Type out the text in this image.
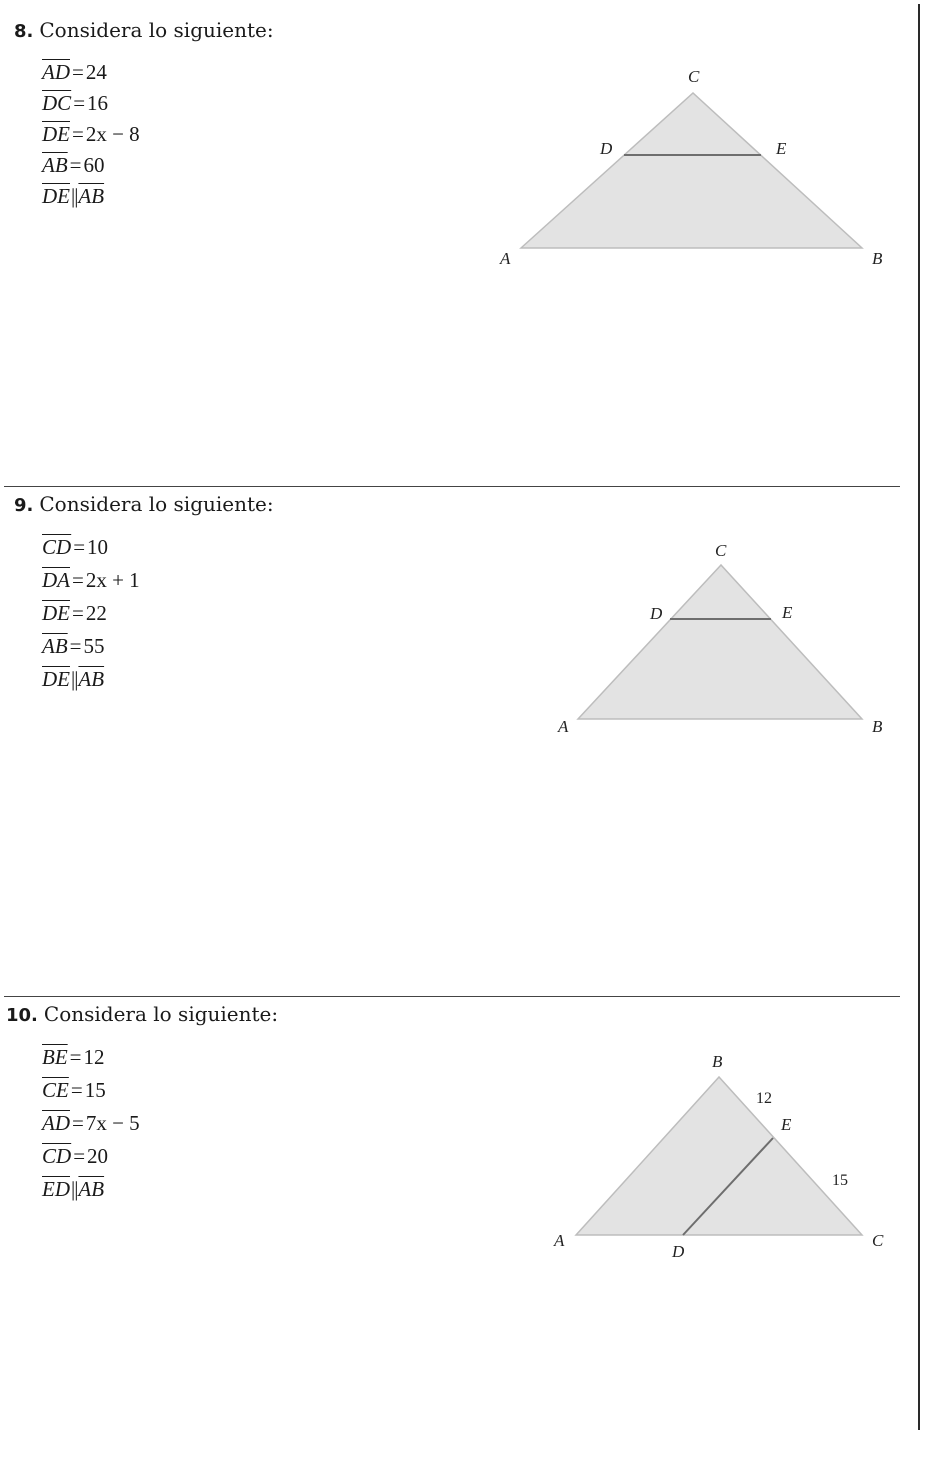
8. Considera lo siguiente:
$\overline{AD}=24$
$\overline{DC}=16$
$\overline{DE}=2x - 8$
$\overline{AB}=60$
$\overline{DE}||\overline{AB}$
C
D	E
A	B
9. Considera lo siguiente:
$\overline{CD}=10$
$\overline{DA}=2x + 1$
$\overline{DE}=22$
$\overline{AB}=55$
$\overline{DE}||\overline{AB}$
C
D	E
A	B
10. Considera lo siguiente:
$\overline{BE}=12$
$\overline{CE}=15$
$\overline{AD}=7x - 5$
$\overline{CD}=20$
$\overline{ED}||\overline{AB}$
B
12
E
15
A
D
C
